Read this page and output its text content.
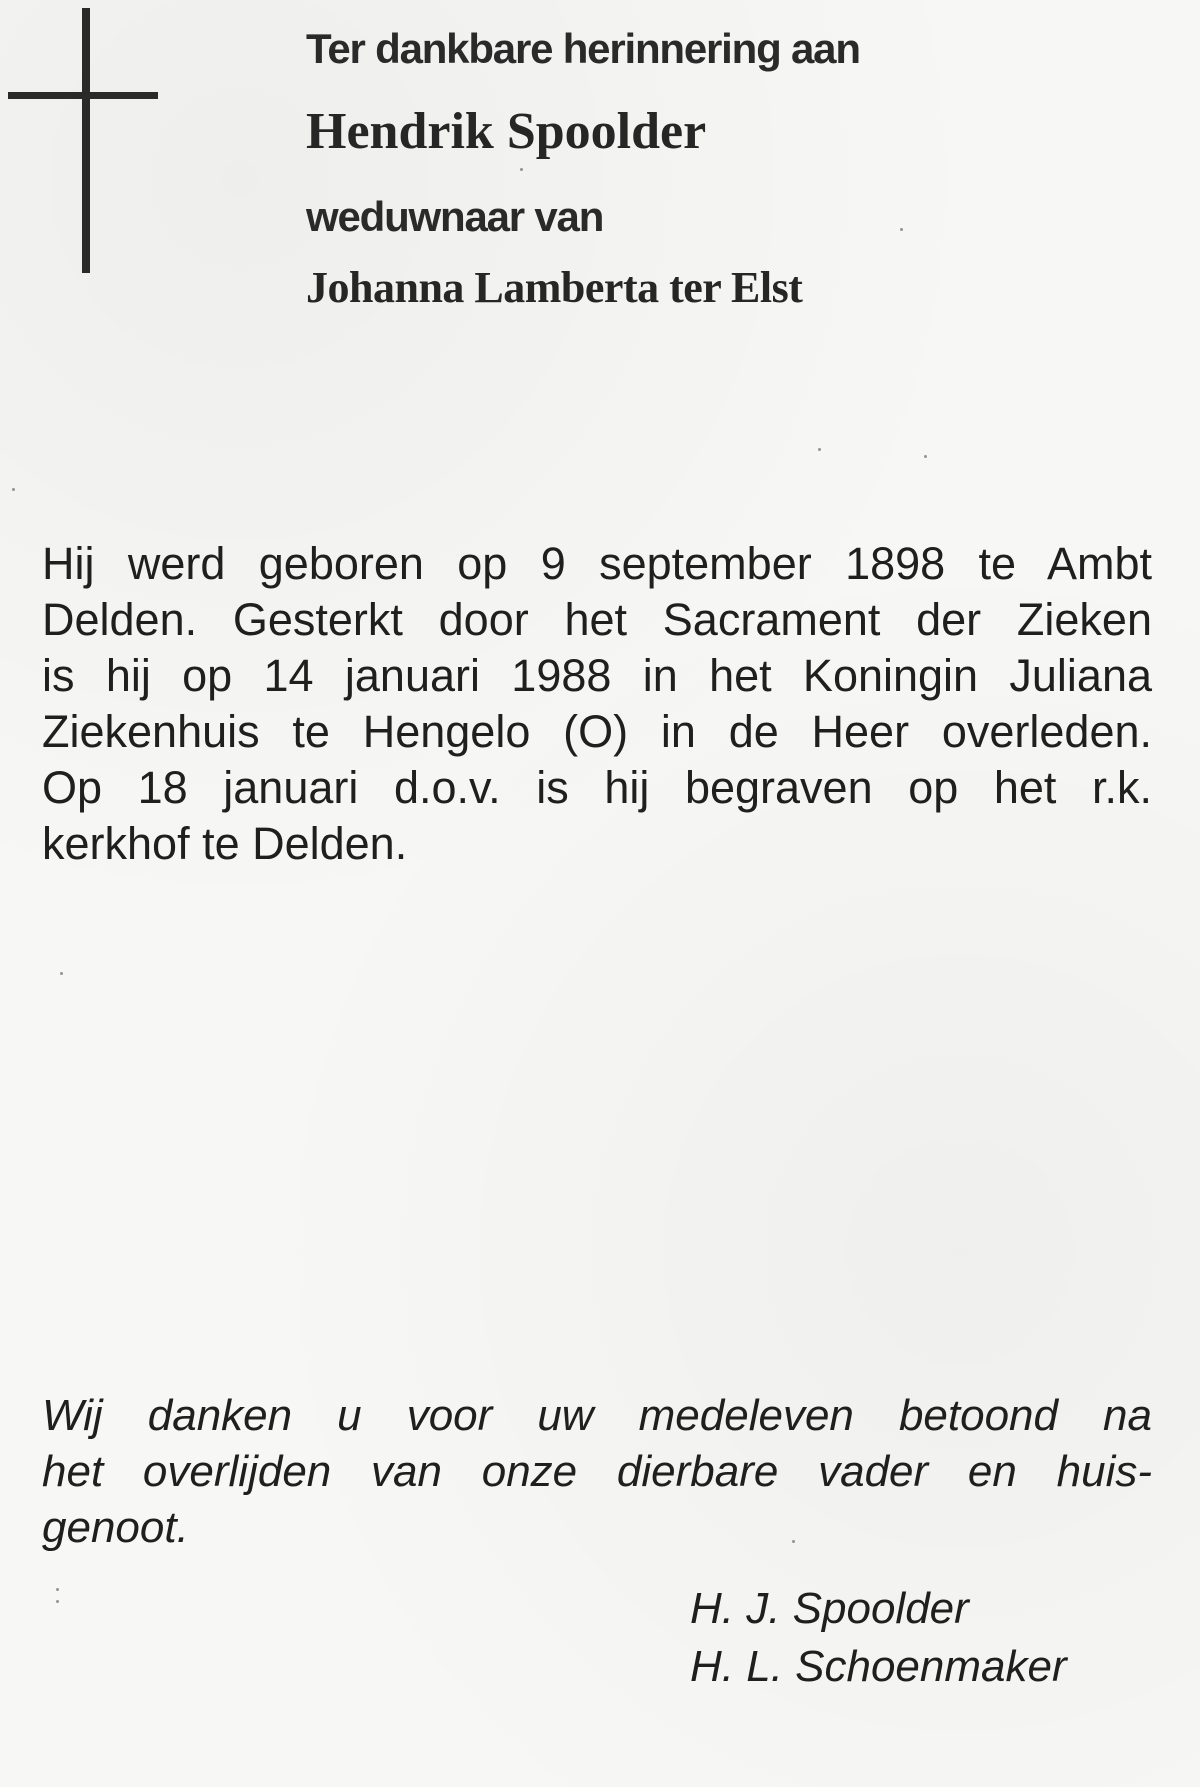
Ter dankbare herinnering aan
Hendrik Spoolder
weduwnaar van
Johanna Lamberta ter Elst
Hij werd geboren op 9 september 1898 te Ambt
Delden. Gesterkt door het Sacrament der Zieken
is hij op 14 januari 1988 in het Koningin Juliana
Ziekenhuis te Hengelo (O) in de Heer overleden.
Op 18 januari d.o.v. is hij begraven op het r.k.
kerkhof te Delden.
Wij danken u voor uw medeleven betoond na
het overlijden van onze dierbare vader en huis-
genoot.
H. J. Spoolder
H. L. Schoenmaker
